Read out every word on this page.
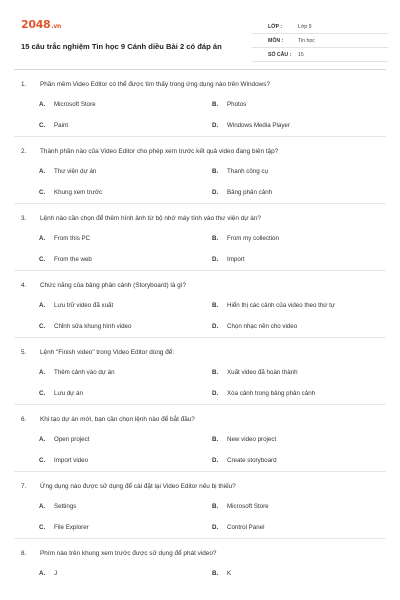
2048.vn
15 câu trắc nghiệm Tin học 9 Cánh diều Bài 2 có đáp án
LỚP :	Lớp 9
MÔN :	Tin học
SỐ CÂU : 15
1. Phần mềm Video Editor có thể được tìm thấy trong ứng dụng nào trên Windows?
A. Microsoft Store	B. Photos
C. Paint	D. Windows Media Player
2. Thành phần nào của Video Editor cho phép xem trước kết quả video đang biên tập?
A. Thư viện dự án	B. Thanh công cụ
C. Khung xem trước	D. Bảng phân cảnh
3. Lệnh nào cần chọn để thêm hình ảnh từ bộ nhớ máy tính vào thư viện dự án?
A. From this PC	B. From my collection
C. From the web	D. Import
4. Chức năng của bảng phân cảnh (Storyboard) là gì?
A. Lưu trữ video đã xuất	B. Hiển thị các cảnh của video theo thứ tự
C. Chỉnh sửa khung hình video	D. Chọn nhạc nền cho video
5. Lệnh "Finish video" trong Video Editor dùng để:
A. Thêm cảnh vào dự án	B. Xuất video đã hoàn thành
C. Lưu dự án	D. Xóa cảnh trong bảng phân cảnh
6. Khi tạo dự án mới, bạn cần chọn lệnh nào để bắt đầu?
A. Open project	B. New video project
C. Import video	D. Create storyboard
7. Ứng dụng nào được sử dụng để cài đặt lại Video Editor nếu bị thiếu?
A. Settings	B. Microsoft Store
C. File Explorer	D. Control Panel
8. Phím nào trên khung xem trước được sử dụng để phát video?
A. J	B. K
